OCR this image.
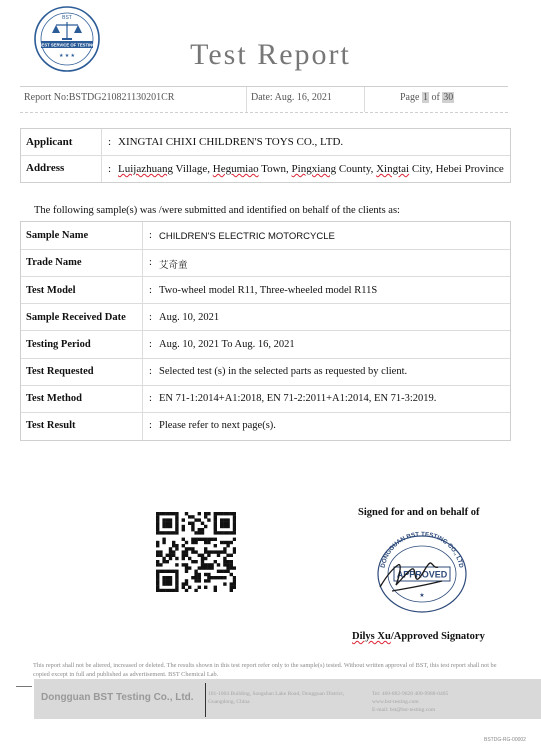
BST
BEST SERVICE OF TESTING
★ ★ ★	Test Report
Report No:BSTDG210821130201CR	Date: Aug. 16, 2021	Page 1 of 30
Applicant	: XINGTAI CHIXI CHILDREN'S TOYS CO., LTD.
Address	: Luijazhuang Village, Hegumiao Town, Pingxiang County, Xingtai City, Hebei Province
The following sample(s) was /were submitted and identified on behalf of the clients as:
Sample Name	: CHILDREN'S ELECTRIC MOTORCYCLE
Trade Name	: 艾奇童
Test Model	: Two-wheel model R11, Three-wheeled model R11S
Sample Received Date : Aug. 10, 2021
Testing Period	: Aug. 10, 2021 To Aug. 16, 2021
Test Requested	: Selected test (s) in the selected parts as requested by client.
Test Method	: EN 71-1:2014+A1:2018, EN 71-2:2011+A1:2014, EN 71-3:2019.
Test Result	: Please refer to next page(s).
Signed for and on behalf of
DONGGUAN BST TESTING CO., LTD
APPROVED
★
Dilys Xu/Approved Signatory
This report shall not be altered, increased or deleted. The results shown in this test report refer only to the sample(s) tested. Without written approval of BST, this test report shall not be copied except in full and published as advertisement. BST Chemical Lab.
Dongguan BST Testing Co., Ltd.	101-1004 Building, Songshan Lake Road, Dongguan District, Guangdong, China
Tel: 400-882-9628 400-9988-0405
www.bst-testing.com
E-mail: bst@bst-testing.com
BSTDG-RG-00002
